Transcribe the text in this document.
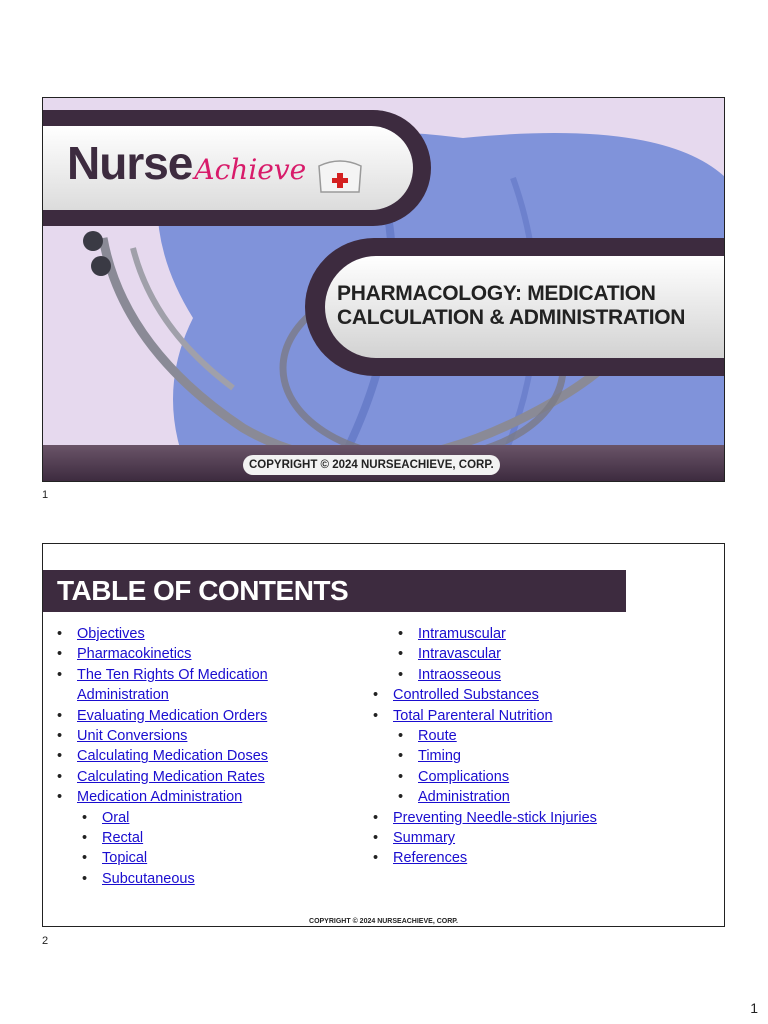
Nurse Achieve
PHARMACOLOGY: MEDICATION
CALCULATION & ADMINISTRATION
COPYRIGHT © 2024 NURSEACHIEVE, CORP.
1
TABLE OF CONTENTS
• Objectives
• Pharmacokinetics
• The Ten Rights Of Medication Administration
• Evaluating Medication Orders
• Unit Conversions
• Calculating Medication Doses
• Calculating Medication Rates
• Medication Administration
• Oral
• Rectal
• Topical
• Subcutaneous
• Intramuscular
• Intravascular
• Intraosseous
• Controlled Substances
• Total Parenteral Nutrition
• Route
• Timing
• Complications
• Administration
• Preventing Needle-stick Injuries
• Summary
• References
COPYRIGHT © 2024 NURSEACHIEVE, CORP.
2
1
